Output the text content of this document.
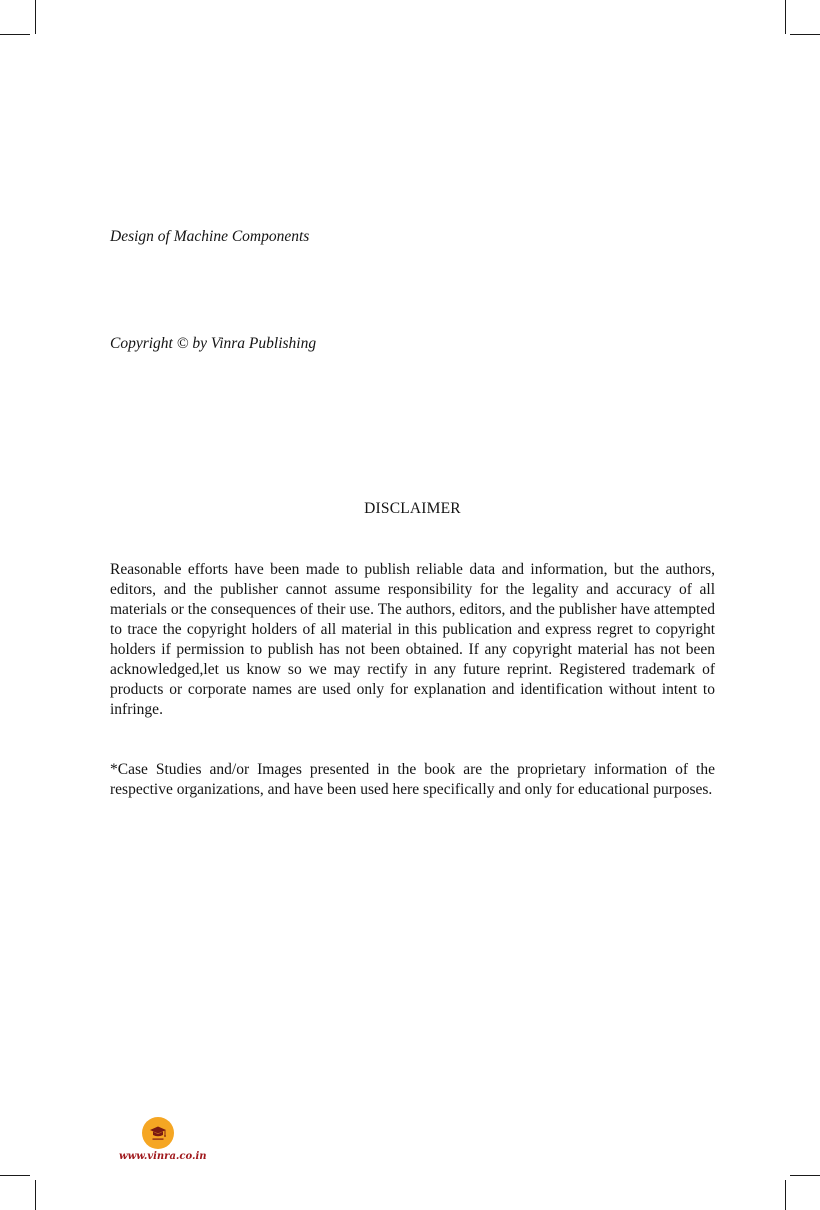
Design of Machine Components
Copyright © by Vinra Publishing
DISCLAIMER

Reasonable efforts have been made to publish reliable data and information, but the authors, editors, and the publisher cannot assume responsibility for the legality and accuracy of all materials or the consequences of their use. The authors, editors, and the publisher have attempted to trace the copyright holders of all material in this publication and express regret to copyright holders if permission to publish has not been obtained. If any copyright material has not been acknowledged,let us know so we may rectify in any future reprint. Registered trademark of products or corporate names are used only for explanation and identification without intent to infringe.

*Case Studies and/or Images presented in the book are the proprietary information of the respective organizations, and have been used here specifically and only for educational purposes.

www.vinra.co.in
